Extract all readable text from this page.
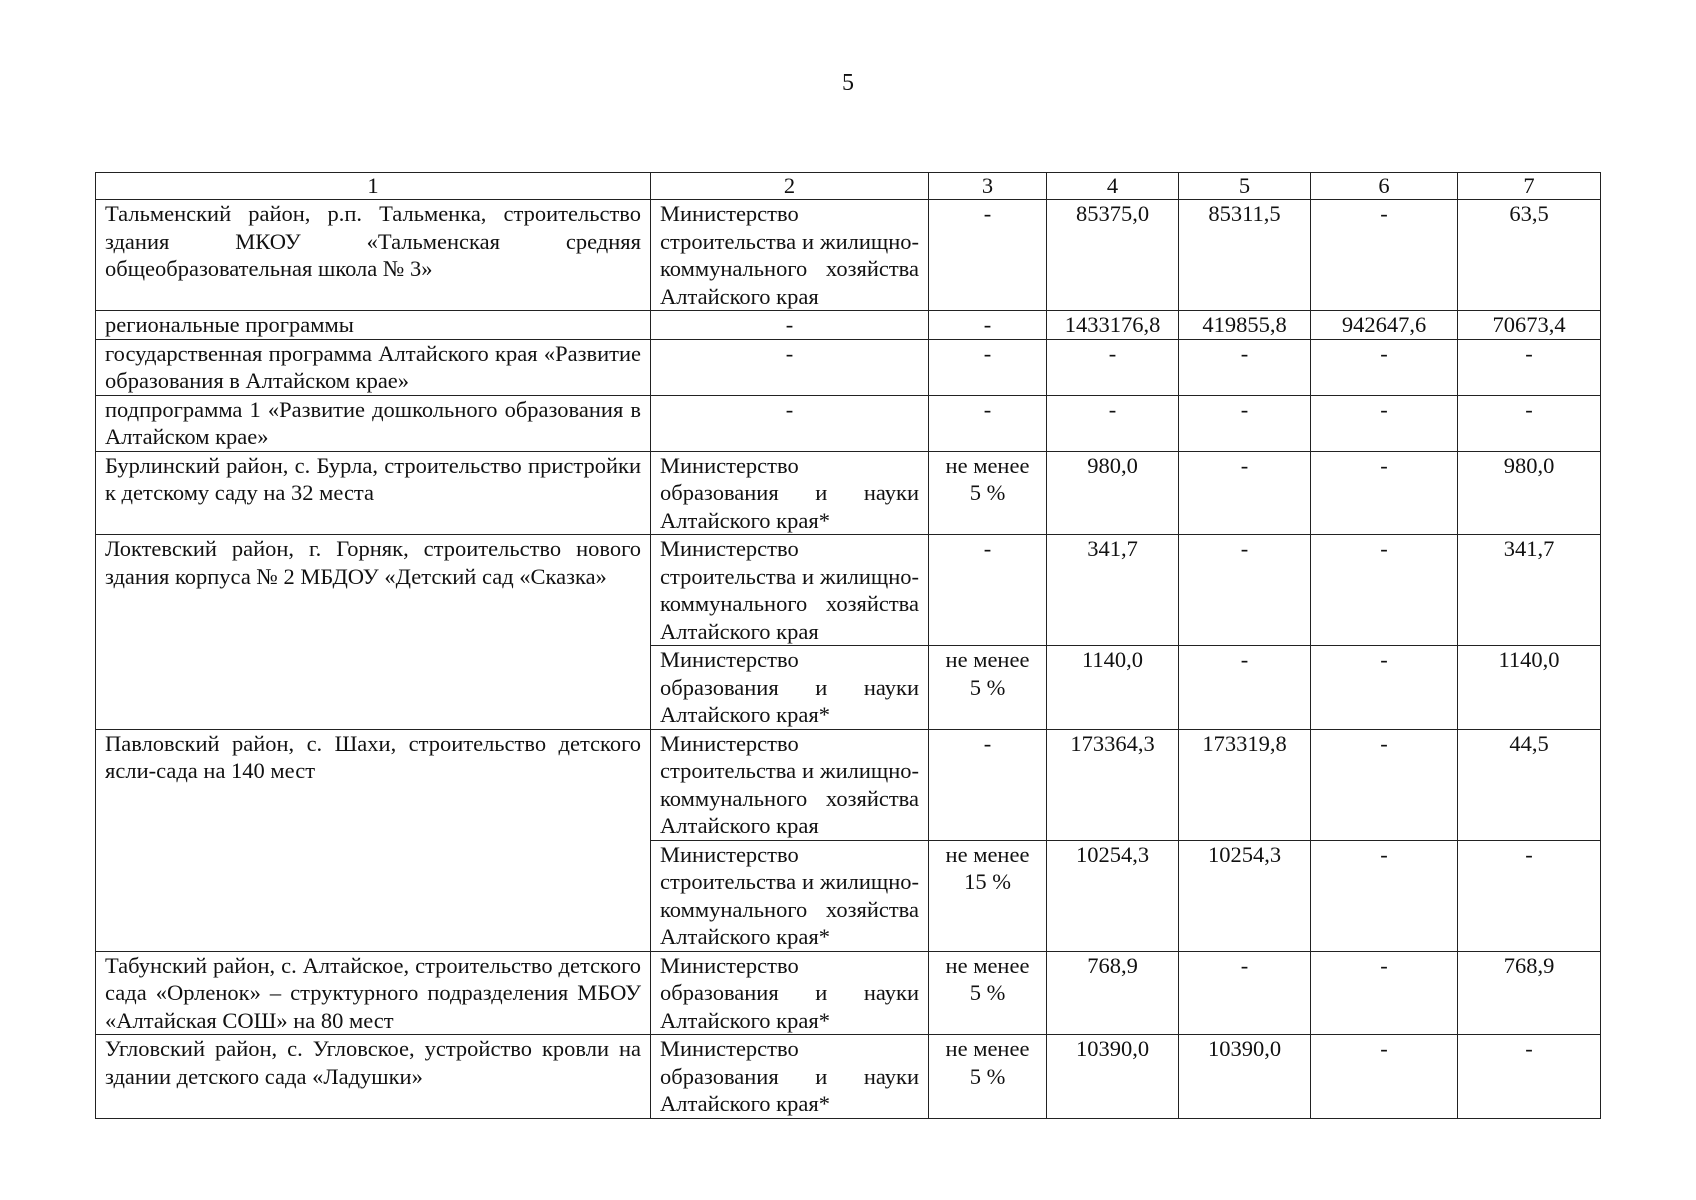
5
1	2	3	4	5	6	7
Тальменский район, р.п. Тальменка, строительство здания МКОУ «Тальменская средняя общеобразовательная школа № 3»	Министерство строительства и жилищно-коммунального хозяйства Алтайского края	-	85375,0	85311,5	-	63,5
региональные программы	-	-	1433176,8	419855,8	942647,6	70673,4
государственная программа Алтайского края «Развитие образования в Алтайском крае»	-	-	-	-	-	-
подпрограмма 1 «Развитие дошкольного образования в Алтайском крае»	-	-	-	-	-	-
Бурлинский район, с. Бурла, строительство пристройки к детскому саду на 32 места	Министерство образования и науки Алтайского края*	не менее 5 %	980,0	-	-	980,0
Локтевский район, г. Горняк, строительство нового здания корпуса № 2 МБДОУ «Детский сад «Сказка»	Министерство строительства и жилищно-коммунального хозяйства Алтайского края	-	341,7	-	-	341,7
	Министерство образования и науки Алтайского края*	не менее 5 %	1140,0	-	-	1140,0
Павловский район, с. Шахи, строительство детского ясли-сада на 140 мест	Министерство строительства и жилищно-коммунального хозяйства Алтайского края	-	173364,3	173319,8	-	44,5
	Министерство строительства и жилищно-коммунального хозяйства Алтайского края*	не менее 15 %	10254,3	10254,3	-	-
Табунский район, с. Алтайское, строительство детского сада «Орленок» – структурного подразделения МБОУ «Алтайская СОШ» на 80 мест	Министерство образования и науки Алтайского края*	не менее 5 %	768,9	-	-	768,9
Угловский район, с. Угловское, устройство кровли на здании детского сада «Ладушки»	Министерство образования и науки Алтайского края*	не менее 5 %	10390,0	10390,0	-	-
